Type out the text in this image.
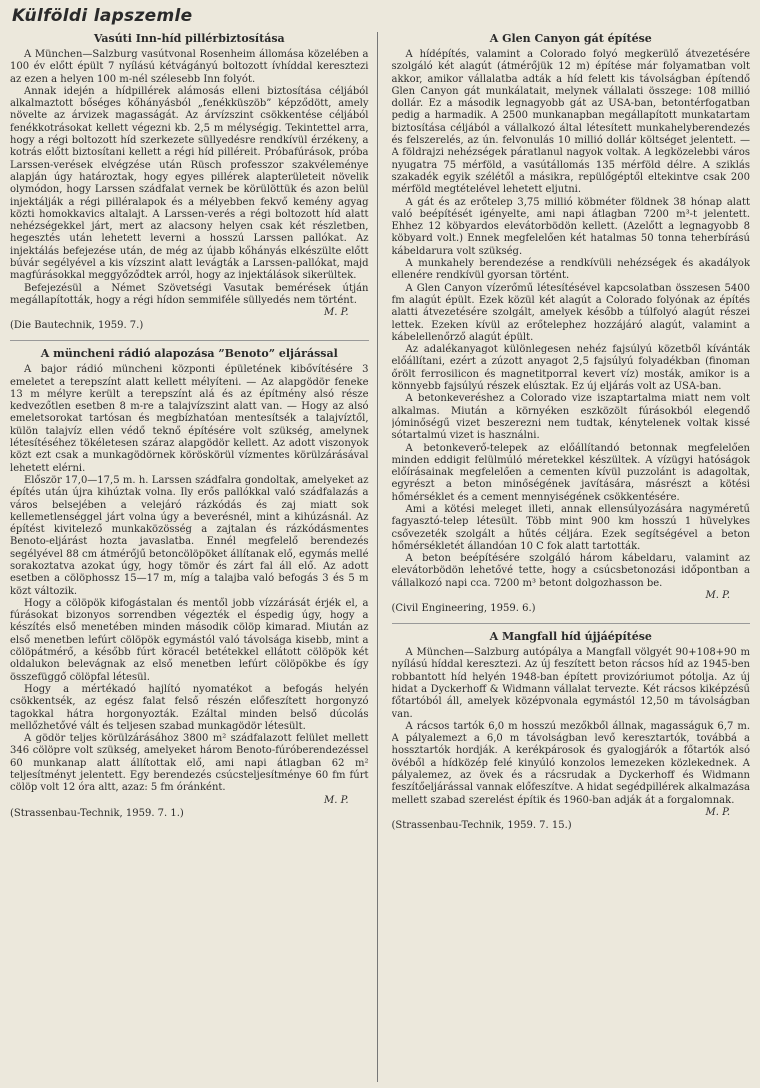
Külföldi lapszemle
Vasúti Inn-híd pillérbiztosítása

A München—Salzburg vasútvonal Rosenheim állomása közelében a 100 év előtt épült 7 nyílású kétvágányú boltozott ívhíddal keresztezi az ezen a helyen 100 m-nél szélesebb Inn folyót.

Annak idején a hídpillérek alámosás elleni biztosítása céljából alkalmaztott bőséges kőhányásból „fenékküszöb” képződött, amely növelte az árvizek magasságát. Az árvízszint csökkentése céljából fenékkotrásokat kellett végezni kb. 2,5 m mélységig. Tekintettel arra, hogy a régi boltozott híd szerkezete süllyedésre rendkívül érzékeny, a kotrás előtt biztosítani kellett a régi híd pilléreit. Próbafúrások, próba Larssen-verések elvégzése után Rüsch professzor szakvéleménye alapján úgy határoztak, hogy egyes pillérek alapterületeit növelik olymódon, hogy Larssen szádfalat vernek be körülöttük és azon belül injektálják a régi pilléralapok és a mélyebben fekvő kemény agyag közti homokkavics altalajt. A Larssen-verés a régi boltozott híd alatt nehézségekkel járt, mert az alacsony helyen csak két részletben, hegesztés után lehetett leverni a hosszú Larssen pallókat. Az injektálás befejezése után, de még az újabb kőhányás elkészülte előtt búvár segélyével a kis vízszint alatt levágták a Larssen-pallókat, majd magfúrásokkal meggyőződtek arról, hogy az injektálások sikerültek.

Befejezésül a Német Szövetségi Vasutak bemérések útján megállapították, hogy a régi hídon semmiféle süllyedés nem történt.

M. P.
(Die Bautechnik, 1959. 7.)
A müncheni rádió alapozása ”Benoto” eljárással

A bajor rádió müncheni központi épületének kibővítésére 3 emeletet a terepszínt alatt kellett mélyíteni. — Az alapgödör feneke 13 m mélyre került a terepszínt alá és az építmény alsó része kedvezőtlen esetben 8 m-re a talajvízszint alatt van. — Hogy az alsó emeletsorokat tartósan és megbízhatóan mentesítsék a talajvíztől, külön talajvíz ellen védő teknő építésére volt szükség, amelynek létesítéséhez tökéletesen száraz alapgödör kellett. Az adott viszonyok közt ezt csak a munkagödörnek köröskörül vízmentes körülzárásával lehetett elérni.

Először 17,0—17,5 m. h. Larssen szádfalra gondoltak, amelyeket az építés után újra kihúztak volna. Ily erős pallókkal való szádfalazás a város belsejében a velejáró rázkódás és zaj miatt sok kellemetlenséggel járt volna úgy a beverésnél, mint a kihúzásnál. Az építést kivitelező munkaközösség a zajtalan és rázkódásmentes Benoto-eljárást hozta javaslatba. Ennél megfelelő berendezés segélyével 88 cm átmérőjű betoncölöpöket állítanak elő, egymás mellé sorakoztatva azokat úgy, hogy tömör és zárt fal áll elő. Az adott esetben a cölöphossz 15—17 m, míg a talajba való befogás 3 és 5 m közt változik.

Hogy a cölöpök kifogástalan és mentől jobb vízzárását érjék el, a fúrásokat bizonyos sorrendben végezték el éspedig úgy, hogy a készítés első menetében minden második cölöp kimarad. Miután az első menetben lefúrt cölöpök egymástól való távolsága kisebb, mint a cölöpátmérő, a később fúrt köracél betétekkel ellátott cölöpök két oldalukon belevágnak az első menetben lefúrt cölöpökbe és így összefüggő cölöpfal létesül.

Hogy a mértékadó hajlító nyomatékot a befogás helyén csökkentsék, az egész falat felső részén előfeszített horgonyzó tagokkal hátra horgonyozták. Ezáltal minden belső dúcolás mellőzhetővé vált és teljesen szabad munkagödör létesült.

A gödör teljes körülzárásához 3800 m² szádfalazott felület mellett 346 cölöpre volt szükség, amelyeket három Benoto-fúróberendezéssel 60 munkanap alatt állítottak elő, ami napi átlagban 62 m² teljesítményt jelentett. Egy berendezés csúcsteljesítménye 60 fm fúrt cölöp volt 12 óra altt, azaz: 5 fm óránként.

M. P.
(Strassenbau-Technik, 1959. 7. 1.)
A Glen Canyon gát építése

A hídépítés, valamint a Colorado folyó megkerülő átvezetésére szolgáló két alagút (átmérőjük 12 m) építése már folyamatban volt akkor, amikor vállalatba adták a híd felett kis távolságban építendő Glen Canyon gát munkálatait, melynek vállalati összege: 108 millió dollár. Ez a második legnagyobb gát az USA-ban, betontérfogatban pedig a harmadik. A 2500 munkanapban megállapított munkatartam biztosítása céljából a vállalkozó által létesített munkahelyberendezés és felszerelés, az ún. felvonulás 10 millió dollár költséget jelentett. — A földrajzi nehézségek páratlanul nagyok voltak. A legközelebbi város nyugatra 75 mérföld, a vasútállomás 135 mérföld délre. A sziklás szakadék egyik szélétől a másikra, repülőgéptől eltekintve csak 200 mérföld megtételével lehetett eljutni.

A gát és az erőtelep 3,75 millió köbméter földnek 38 hónap alatt való beépítését igényelte, ami napi átlagban 7200 m³-t jelentett. Ehhez 12 köbyardos elevátorbödön kellett. (Azelőtt a legnagyobb 8 köbyard volt.) Ennek megfelelően két hatalmas 50 tonna teherbírású kábeldarura volt szükség.

A munkahely berendezése a rendkívüli nehézségek és akadályok ellenére rendkívül gyorsan történt.

A Glen Canyon vízerőmű létesítésével kapcsolatban összesen 5400 fm alagút épült. Ezek közül két alagút a Colorado folyónak az építés alatti átvezetésére szolgált, amelyek később a túlfolyó alagút részei lettek. Ezeken kívül az erőtelephez hozzájáró alagút, valamint a kábelellenőrző alagút épült.

Az adalékanyagot különlegesen nehéz fajsúlyú közetből kívánták előállítani, ezért a zúzott anyagot 2,5 fajsúlyú folyadékban (finoman őrölt ferrosilicon és magnetitporral kevert víz) mosták, amikor is a könnyebb fajsúlyú részek elúsztak. Ez új eljárás volt az USA-ban.

A betonkeveréshez a Colorado vize iszaptartalma miatt nem volt alkalmas. Miután a környéken eszközölt fúrásokból elegendő jóminőségű vizet beszerezni nem tudtak, kénytelenek voltak kissé sótartalmú vizet is használni.

A betonkeverő-telepek az előállítandó betonnak megfelelően minden eddigit felülmúló méretekkel készültek. A vízügyi hatóságok előírásainak megfelelően a cementen kívül puzzolánt is adagoltak, egyrészt a beton minőségének javítására, másrészt a kötési hőmérséklet és a cement mennyiségének csökkentésére.

Ami a kötési meleget illeti, annak ellensúlyozására nagyméretű fagyasztó-telep létesült. Több mint 900 km hosszú 1 hüvelykes csővezeték szolgált a hűtés céljára. Ezek segítségével a beton hőmérsékletét állandóan 10 C fok alatt tartották.

A beton beépítésére szolgáló három kábeldaru, valamint az elevátorbödön lehetővé tette, hogy a csúcsbetonozási időpontban a vállalkozó napi cca. 7200 m³ betont dolgozhasson be.

M. P.
(Civil Engineering, 1959. 6.)
A Mangfall híd újjáépítése

A München—Salzburg autópálya a Mangfall völgyét 90+108+90 m nyílású híddal keresztezi. Az új feszített beton rácsos híd az 1945-ben robbantott híd helyén 1948-ban épített provizóriumot pótolja. Az új hidat a Dyckerhoff & Widmann vállalat tervezte. Két rácsos kiképzésű főtartóból áll, amelyek középvonala egymástól 12,50 m távolságban van.

A rácsos tartók 6,0 m hosszú mezőkből állnak, magasságuk 6,7 m. A pályalemezt a 6,0 m távolságban levő keresztartók, továbbá a hossztartók hordják. A kerékpárosok és gyalogjárók a főtartók alsó övéből a hídközép felé kinyúló konzolos lemezeken közlekednek. A pályalemez, az övek és a rácsrudak a Dyckerhoff és Widmann feszítőeljárással vannak előfeszítve. A hidat segédpillérek alkalmazása mellett szabad szerelést építik és 1960-ban adják át a forgalomnak.

M. P.
(Strassenbau-Technik, 1959. 7. 15.)
